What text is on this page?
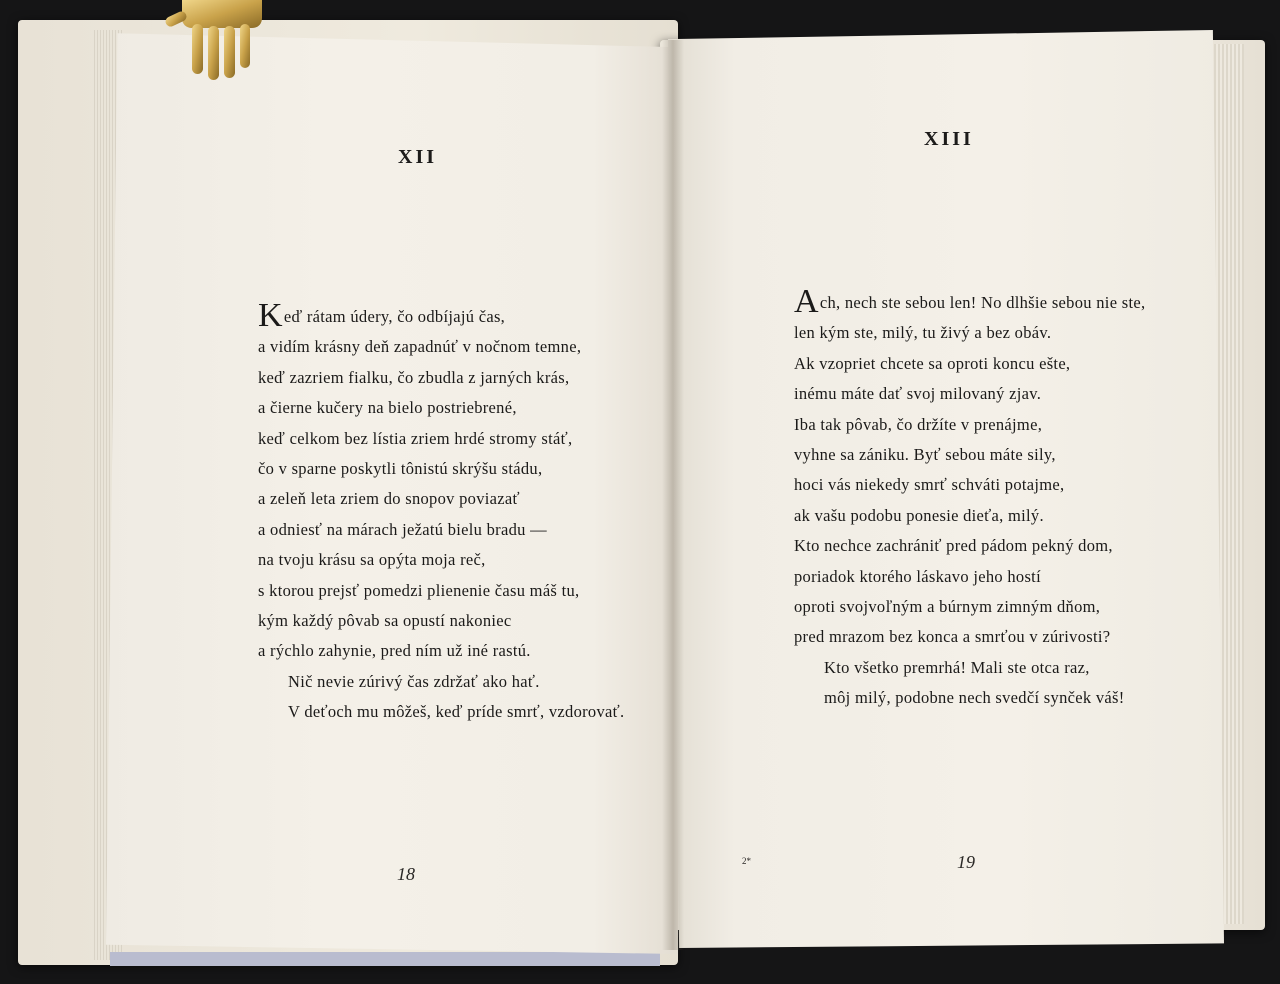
XII
Keď rátam údery, čo odbíjajú čas,
a vidím krásny deň zapadnúť v nočnom temne,
keď zazriem fialku, čo zbudla z jarných krás,
a čierne kučery na bielo postriebrené,
keď celkom bez lístia zriem hrdé stromy stáť,
čo v sparne poskytli tônistú skrýšu stádu,
a zeleň leta zriem do snopov poviazať
a odniesť na márach ježatú bielu bradu —
na tvoju krásu sa opýta moja reč,
s ktorou prejsť pomedzi plienenie času máš tu,
kým každý pôvab sa opustí nakoniec
a rýchlo zahynie, pred ním už iné rastú.
Nič nevie zúrivý čas zdržať ako hať.
V deťoch mu môžeš, keď príde smrť, vzdorovať.
18
XIII
Ach, nech ste sebou len! No dlhšie sebou nie ste,
len kým ste, milý, tu živý a bez obáv.
Ak vzopriet chcete sa oproti koncu ešte,
inému máte dať svoj milovaný zjav.
Iba tak pôvab, čo držíte v prenájme,
vyhne sa zániku. Byť sebou máte sily,
hoci vás niekedy smrť schváti potajme,
ak vašu podobu ponesie dieťa, milý.
Kto nechce zachrániť pred pádom pekný dom,
poriadok ktorého láskavo jeho hostí
oproti svojvoľným a búrnym zimným dňom,
pred mrazom bez konca a smrťou v zúrivosti?
Kto všetko premrhá! Mali ste otca raz,
môj milý, podobne nech svedčí synček váš!
2*	19
